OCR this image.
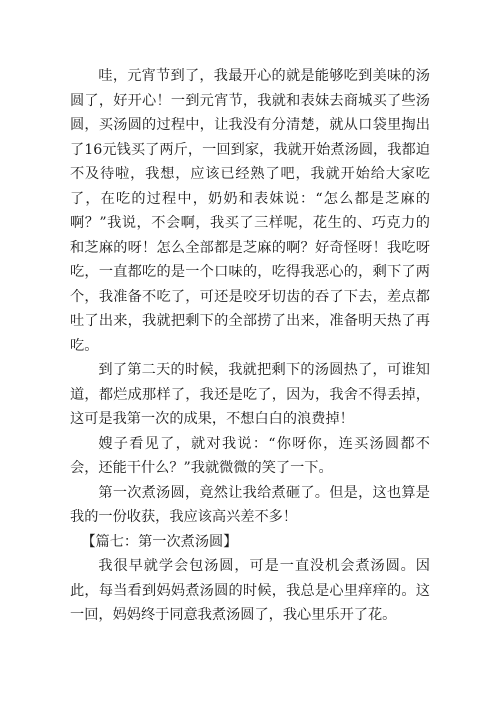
哇，元宵节到了，我最开心的就是能够吃到美味的汤圆了，好开心！一到元宵节，我就和表妹去商城买了些汤圆，买汤圆的过程中，让我没有分清楚，就从口袋里掏出了16元钱买了两斤，一回到家，我就开始煮汤圆，我都迫不及待啦，我想，应该已经熟了吧，我就开始给大家吃了，在吃的过程中，奶奶和表妹说：“怎么都是芝麻的啊？”我说，不会啊，我买了三样呢，花生的、巧克力的和芝麻的呀！怎么全部都是芝麻的啊？好奇怪呀！我吃呀吃，一直都吃的是一个口味的，吃得我恶心的，剩下了两个，我准备不吃了，可还是咬牙切齿的吞了下去，差点都吐了出来，我就把剩下的全部捞了出来，准备明天热了再吃。

到了第二天的时候，我就把剩下的汤圆热了，可谁知道，都烂成那样了，我还是吃了，因为，我舍不得丢掉，这可是我第一次的成果，不想白白的浪费掉！

嫂子看见了，就对我说：“你呀你，连买汤圆都不会，还能干什么？”我就微微的笑了一下。

第一次煮汤圆，竟然让我给煮砸了。但是，这也算是我的一份收获，我应该高兴差不多！

【篇七：第一次煮汤圆】

我很早就学会包汤圆，可是一直没机会煮汤圆。因此，每当看到妈妈煮汤圆的时候，我总是心里痒痒的。这一回，妈妈终于同意我煮汤圆了，我心里乐开了花。
